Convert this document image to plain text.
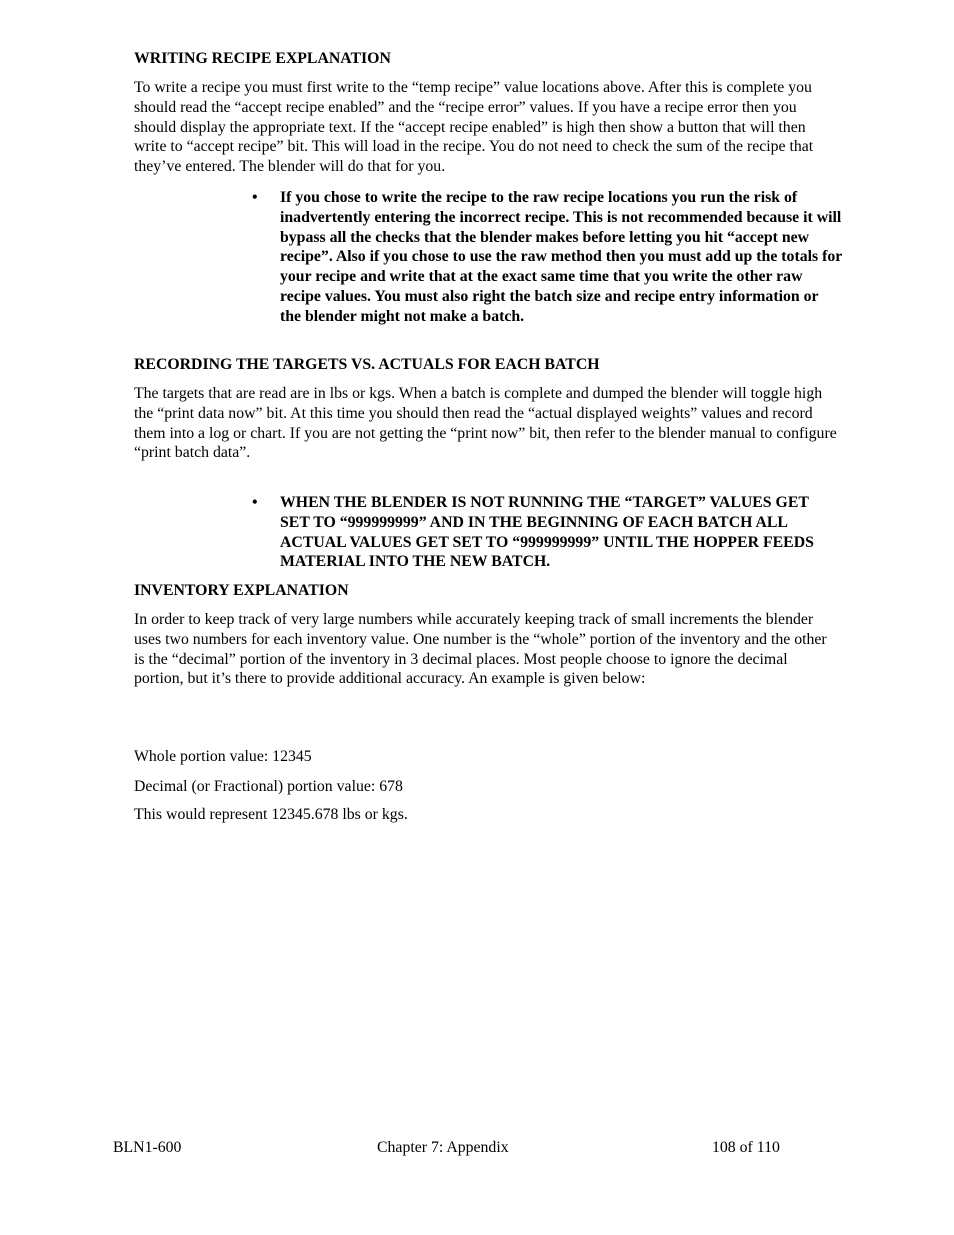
WRITING RECIPE EXPLANATION

To write a recipe you must first write to the “temp recipe” value locations above. After this is complete you should read the “accept recipe enabled” and the “recipe error” values. If you have a recipe error then you should display the appropriate text. If the “accept recipe enabled” is high then show a button that will then write to “accept recipe” bit. This will load in the recipe. You do not need to check the sum of the recipe that they’ve entered. The blender will do that for you.

• If you chose to write the recipe to the raw recipe locations you run the risk of inadvertently entering the incorrect recipe. This is not recommended because it will bypass all the checks that the blender makes before letting you hit “accept new recipe”. Also if you chose to use the raw method then you must add up the totals for your recipe and write that at the exact same time that you write the other raw recipe values. You must also right the batch size and recipe entry information or the blender might not make a batch.
RECORDING THE TARGETS VS. ACTUALS FOR EACH BATCH

The targets that are read are in lbs or kgs. When a batch is complete and dumped the blender will toggle high the “print data now” bit. At this time you should then read the “actual displayed weights” values and record them into a log or chart. If you are not getting the “print now” bit, then refer to the blender manual to configure “print batch data”.

• WHEN THE BLENDER IS NOT RUNNING THE “TARGET” VALUES GET SET TO “999999999” AND IN THE BEGINNING OF EACH BATCH ALL ACTUAL VALUES GET SET TO “999999999” UNTIL THE HOPPER FEEDS MATERIAL INTO THE NEW BATCH.
INVENTORY EXPLANATION

In order to keep track of very large numbers while accurately keeping track of small increments the blender uses two numbers for each inventory value. One number is the “whole” portion of the inventory and the other is the “decimal” portion of the inventory in 3 decimal places. Most people choose to ignore the decimal portion, but it’s there to provide additional accuracy. An example is given below:

Whole portion value: 12345

Decimal (or Fractional) portion value: 678

This would represent 12345.678 lbs or kgs.

BLN1-600	Chapter 7: Appendix	108 of 110
